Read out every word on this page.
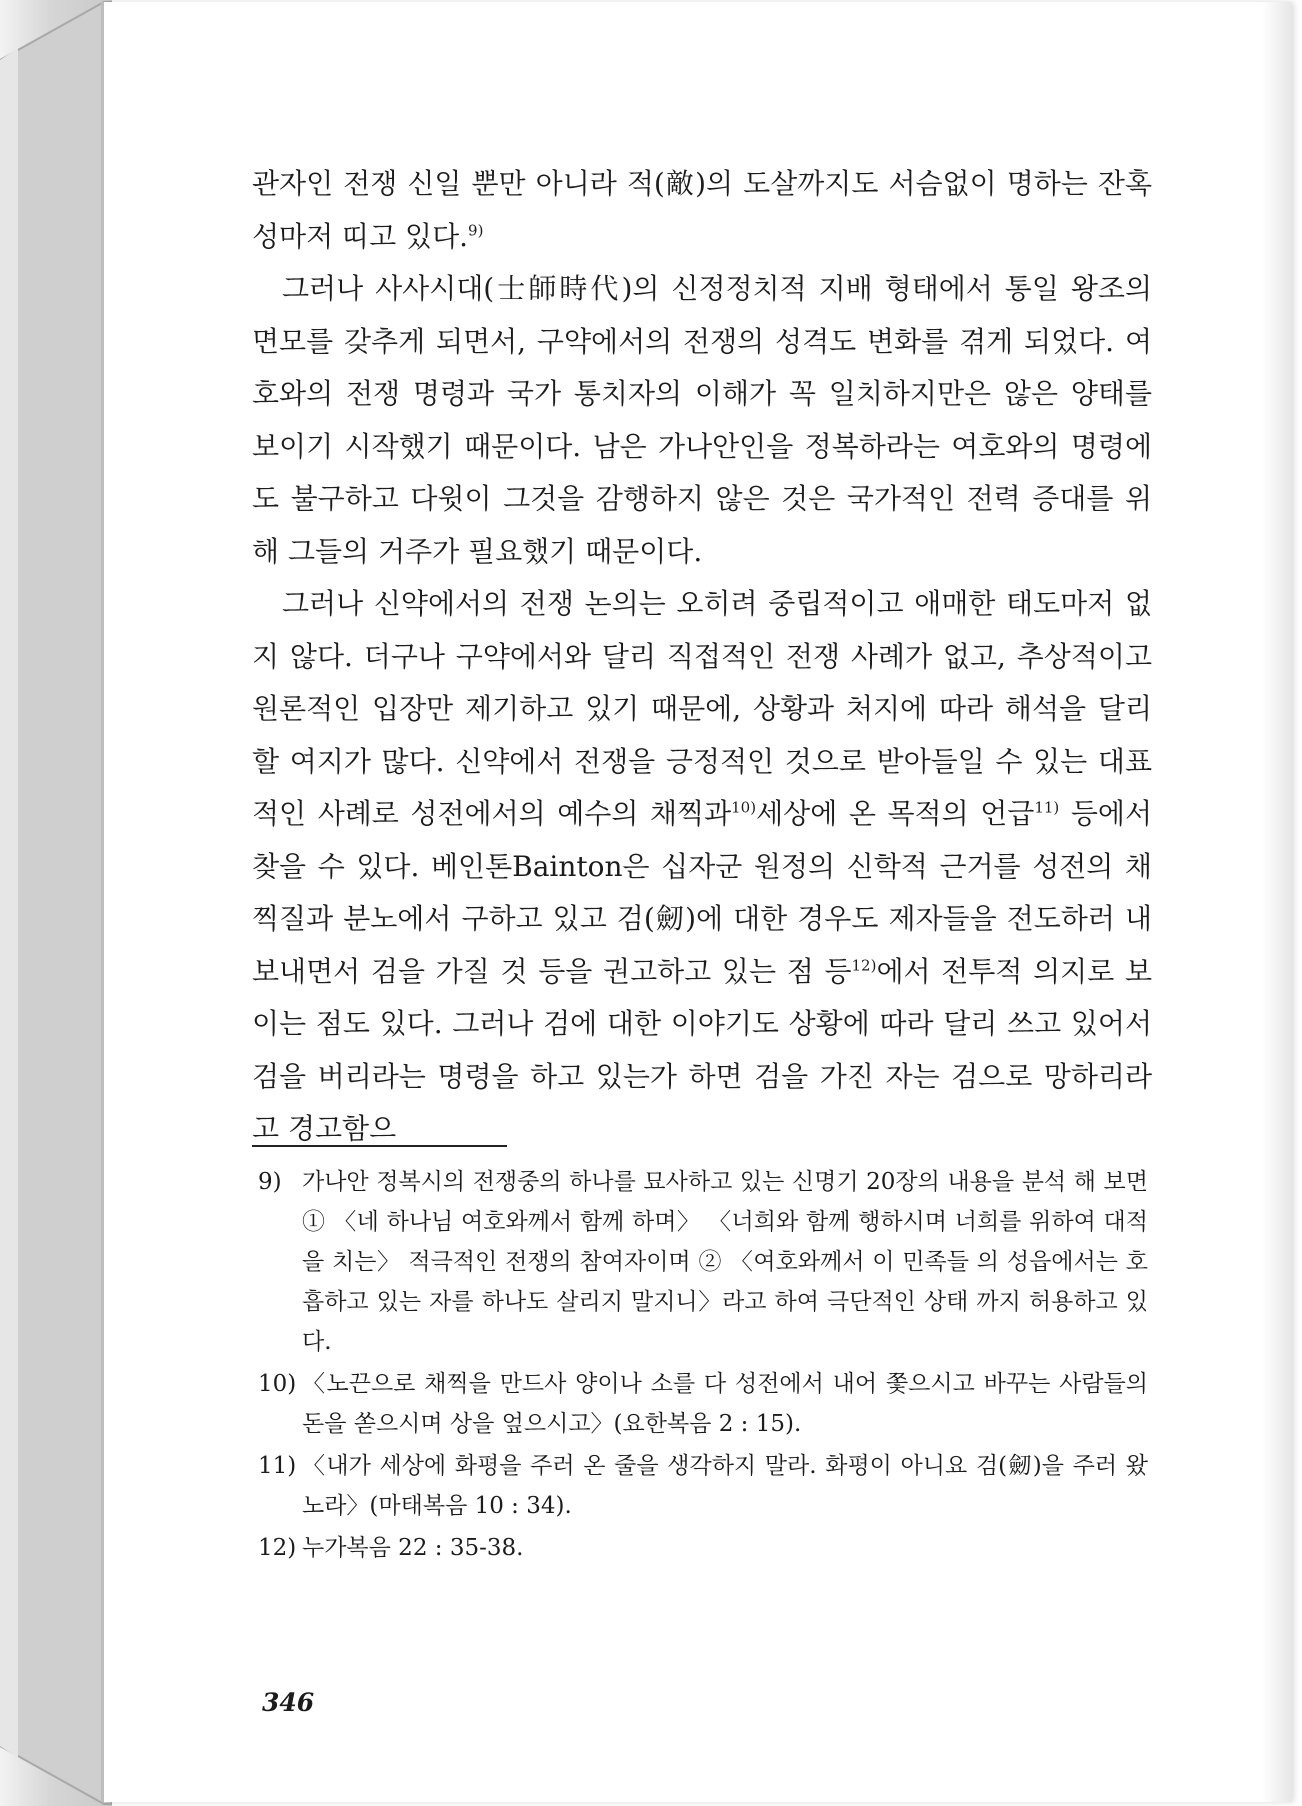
관자인 전쟁 신일 뿐만 아니라 적(敵)의 도살까지도 서슴없이 명하는 잔혹성마저 띠고 있다.$^{9)}$

그러나 사사시대(士師時代)의 신정정치적 지배 형태에서 통일 왕조의 면모를 갖추게 되면서, 구약에서의 전쟁의 성격도 변화를 겪게 되었다. 여호와의 전쟁 명령과 국가 통치자의 이해가 꼭 일치하지만은 않은 양태를 보이기 시작했기 때문이다. 남은 가나안인을 정복하라는 여호와의 명령에도 불구하고 다윗이 그것을 감행하지 않은 것은 국가적인 전력 증대를 위해 그들의 거주가 필요했기 때문이다.

그러나 신약에서의 전쟁 논의는 오히려 중립적이고 애매한 태도마저 없지 않다. 더구나 구약에서와 달리 직접적인 전쟁 사례가 없고, 추상적이고 원론적인 입장만 제기하고 있기 때문에, 상황과 처지에 따라 해석을 달리할 여지가 많다. 신약에서 전쟁을 긍정적인 것으로 받아들일 수 있는 대표적인 사례로 성전에서의 예수의 채찍과$^{10)}$세상에 온 목적의 언급$^{11)}$ 등에서 찾을 수 있다. 베인톤Bainton은 십자군 원정의 신학적 근거를 성전의 채찍질과 분노에서 구하고 있고 검(劒)에 대한 경우도 제자들을 전도하러 내보내면서 검을 가질 것 등을 권고하고 있는 점 등$^{12)}$에서 전투적 의지로 보이는 점도 있다. 그러나 검에 대한 이야기도 상황에 따라 달리 쓰고 있어서 검을 버리라는 명령을 하고 있는가 하면 검을 가진 자는 검으로 망하리라고 경고함으

9) 가나안 정복시의 전쟁중의 하나를 묘사하고 있는 신명기 20장의 내용을 분석 해 보면 ① 〈네 하나님 여호와께서 함께 하며〉 〈너희와 함께 행하시며 너희를 위하여 대적을 치는〉 적극적인 전쟁의 참여자이며 ② 〈여호와께서 이 민족들 의 성읍에서는 호흡하고 있는 자를 하나도 살리지 말지니〉라고 하여 극단적인 상태 까지 허용하고 있다.
10) 〈노끈으로 채찍을 만드사 양이나 소를 다 성전에서 내어 쫓으시고 바꾸는 사람들의 돈을 쏟으시며 상을 엎으시고〉(요한복음 2 : 15).
11) 〈내가 세상에 화평을 주러 온 줄을 생각하지 말라. 화평이 아니요 검(劒)을 주러 왔노라〉(마태복음 10 : 34).
12) 누가복음 22 : 35-38.
346
